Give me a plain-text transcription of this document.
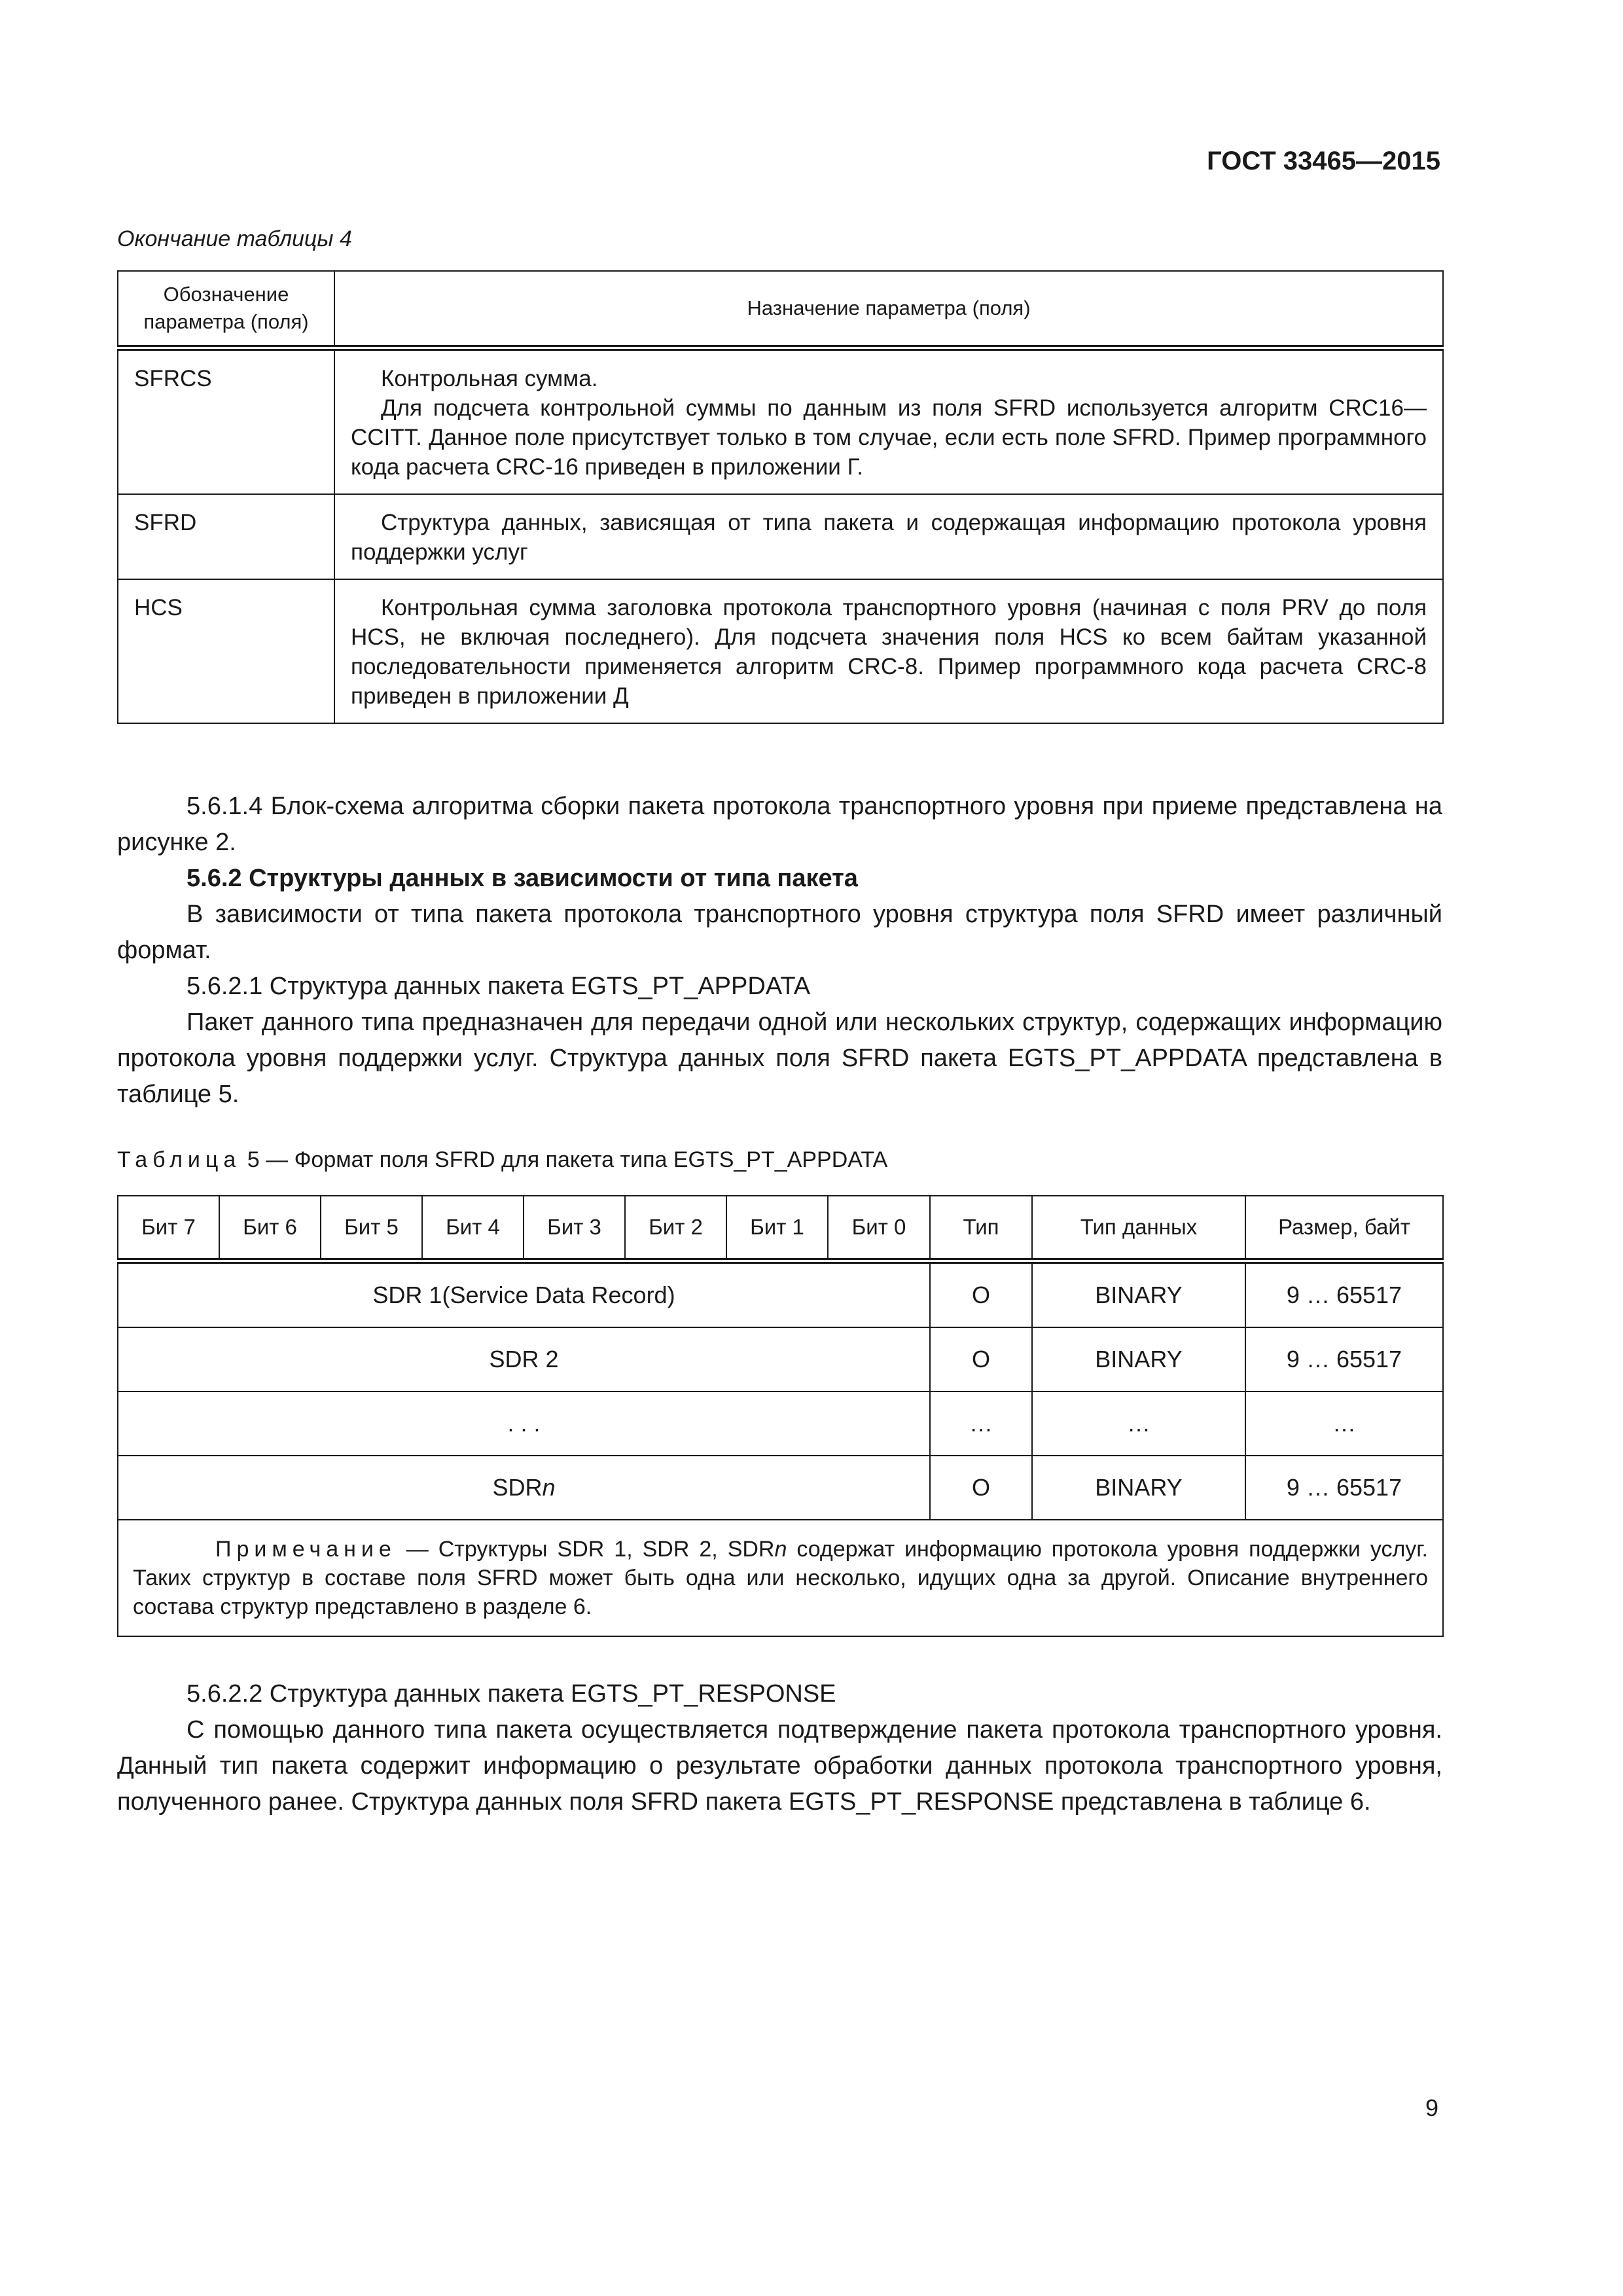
ГОСТ 33465—2015
Окончание таблицы 4
Обозначение параметра (поля)	Назначение параметра (поля)
SFRCS	Контрольная сумма.

Для подсчета контрольной суммы по данным из поля SFRD используется алгоритм CRC16—CCITT. Данное поле присутствует только в том случае, если есть поле SFRD. Пример программного кода расчета CRC-16 приведен в приложении Г.

SFRD	Структура данных, зависящая от типа пакета и содержащая информацию протокола уровня поддержки услуг

HCS	Контрольная сумма заголовка протокола транспортного уровня (начиная с поля PRV до поля HCS, не включая последнего). Для подсчета значения поля HCS ко всем байтам указанной последовательности применяется алгоритм CRC-8. Пример программного кода расчета CRC-8 приведен в приложении Д

5.6.1.4 Блок-схема алгоритма сборки пакета протокола транспортного уровня при приеме представлена на рисунке 2.

5.6.2 Структуры данных в зависимости от типа пакета

В зависимости от типа пакета протокола транспортного уровня структура поля SFRD имеет различный формат.

5.6.2.1 Структура данных пакета EGTS_PT_APPDATA

Пакет данного типа предназначен для передачи одной или нескольких структур, содержащих информацию протокола уровня поддержки услуг. Структура данных поля SFRD пакета EGTS_PT_APPDATA представлена в таблице 5.

Таблица 5 — Формат поля SFRD для пакета типа EGTS_PT_APPDATA
Бит 7	Бит 6	Бит 5	Бит 4	Бит 3	Бит 2	Бит 1	Бит 0	Тип	Тип данных	Размер, байт
SDR 1(Service Data Record)								O	BINARY	9 … 65517
SDR 2								O	BINARY	9 … 65517
. . .								…	…	…
SDRn								O	BINARY	9 … 65517

Примечание — Структуры SDR 1, SDR 2, SDRn содержат информацию протокола уровня поддержки услуг. Таких структур в составе поля SFRD может быть одна или несколько, идущих одна за другой. Описание внутреннего состава структур представлено в разделе 6.										

5.6.2.2 Структура данных пакета EGTS_PT_RESPONSE

С помощью данного типа пакета осуществляется подтверждение пакета протокола транспортного уровня. Данный тип пакета содержит информацию о результате обработки данных протокола транспортного уровня, полученного ранее. Структура данных поля SFRD пакета EGTS_PT_RESPONSE представлена в таблице 6.

9
